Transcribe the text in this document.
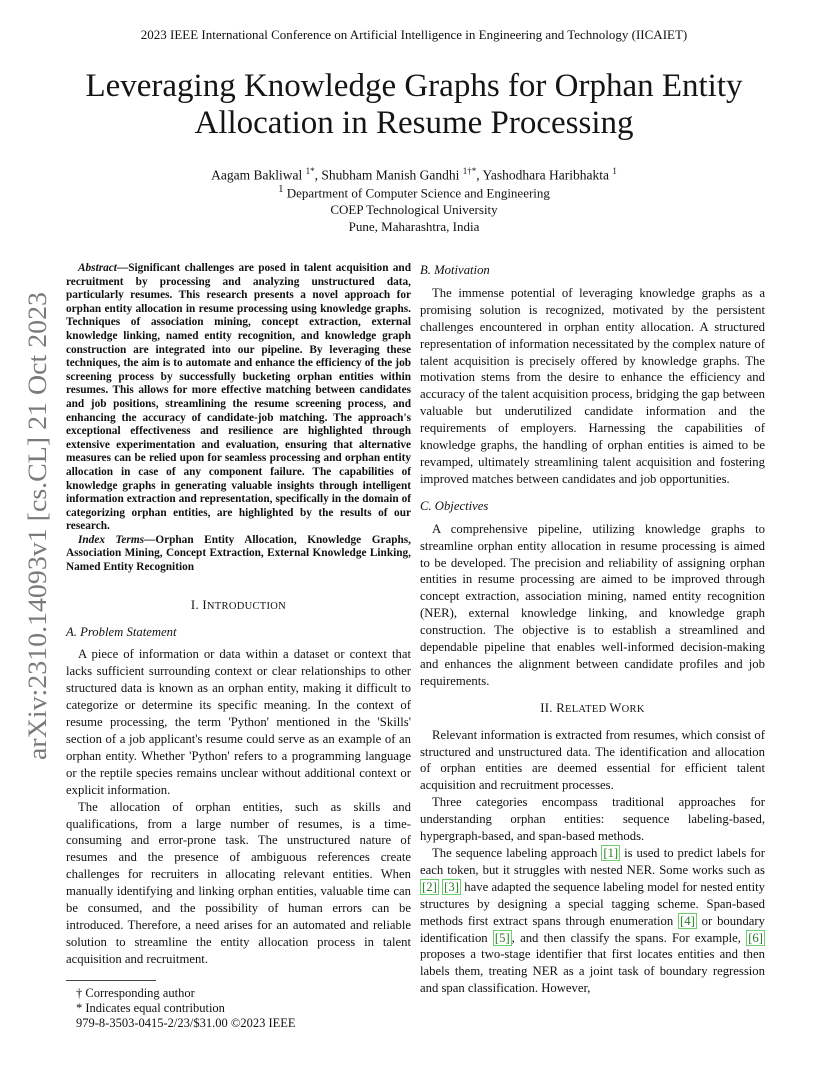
2023 IEEE International Conference on Artificial Intelligence in Engineering and Technology (IICAIET)
arXiv:2310.14093v1 [cs.CL] 21 Oct 2023
Leveraging Knowledge Graphs for Orphan Entity
Allocation in Resume Processing
Aagam Bakliwal $^{1*}$, Shubham Manish Gandhi $^{1\dagger*}$, Yashodhara Haribhakta $^1$
$^1$ Department of Computer Science and Engineering
COEP Technological University
Pune, Maharashtra, India

Abstract—Significant challenges are posed in talent acquisition and recruitment by processing and analyzing unstructured data, particularly resumes. This research presents a novel approach for orphan entity allocation in resume processing using knowledge graphs. Techniques of association mining, concept extraction, external knowledge linking, named entity recognition, and knowledge graph construction are integrated into our pipeline. By leveraging these techniques, the aim is to automate and enhance the efficiency of the job screening process by successfully bucketing orphan entities within resumes. This allows for more effective matching between candidates and job positions, streamlining the resume screening process, and enhancing the accuracy of candidate-job matching. The approach's exceptional effectiveness and resilience are highlighted through extensive experimentation and evaluation, ensuring that alternative measures can be relied upon for seamless processing and orphan entity allocation in case of any component failure. The capabilities of knowledge graphs in generating valuable insights through intelligent information extraction and representation, specifically in the domain of categorizing orphan entities, are highlighted by the results of our research.

Index Terms—Orphan Entity Allocation, Knowledge Graphs, Association Mining, Concept Extraction, External Knowledge Linking, Named Entity Recognition

I. INTRODUCTION
A. Problem Statement

A piece of information or data within a dataset or context that lacks sufficient surrounding context or clear relationships to other structured data is known as an orphan entity, making it difficult to categorize or determine its specific meaning. In the context of resume processing, the term 'Python' mentioned in the 'Skills' section of a job applicant's resume could serve as an example of an orphan entity. Whether 'Python' refers to a programming language or the reptile species remains unclear without additional context or explicit information.

The allocation of orphan entities, such as skills and qualifications, from a large number of resumes, is a time-consuming and error-prone task. The unstructured nature of resumes and the presence of ambiguous references create challenges for recruiters in allocating relevant entities. When manually identifying and linking orphan entities, valuable time can be consumed, and the possibility of human errors can be introduced. Therefore, a need arises for an automated and reliable solution to streamline the entity allocation process in talent acquisition and recruitment.

B. Motivation

The immense potential of leveraging knowledge graphs as a promising solution is recognized, motivated by the persistent challenges encountered in orphan entity allocation. A structured representation of information necessitated by the complex nature of talent acquisition is precisely offered by knowledge graphs. The motivation stems from the desire to enhance the efficiency and accuracy of the talent acquisition process, bridging the gap between valuable but underutilized candidate information and the requirements of employers. Harnessing the capabilities of knowledge graphs, the handling of orphan entities is aimed to be revamped, ultimately streamlining talent acquisition and fostering improved matches between candidates and job opportunities.

C. Objectives

A comprehensive pipeline, utilizing knowledge graphs to streamline orphan entity allocation in resume processing is aimed to be developed. The precision and reliability of assigning orphan entities in resume processing are aimed to be improved through concept extraction, association mining, named entity recognition (NER), external knowledge linking, and knowledge graph construction. The objective is to establish a streamlined and dependable pipeline that enables well-informed decision-making and enhances the alignment between candidate profiles and job requirements.

II. RELATED WORK

Relevant information is extracted from resumes, which consist of structured and unstructured data. The identification and allocation of orphan entities are deemed essential for efficient talent acquisition and recruitment processes.

Three categories encompass traditional approaches for understanding orphan entities: sequence labeling-based, hypergraph-based, and span-based methods.

The sequence labeling approach [1] is used to predict labels for each token, but it struggles with nested NER. Some works such as [2] [3] have adapted the sequence labeling model for nested entity structures by designing a special tagging scheme. Span-based methods first extract spans through enumeration [4] or boundary identification [5] , and then classify the spans. For example, [6] proposes a two-stage identifier that first locates entities and then labels them, treating NER as a joint task of boundary regression and span classification. However,

† Corresponding author
* Indicates equal contribution
979-8-3503-0415-2/23/$31.00 ©2023 IEEE
